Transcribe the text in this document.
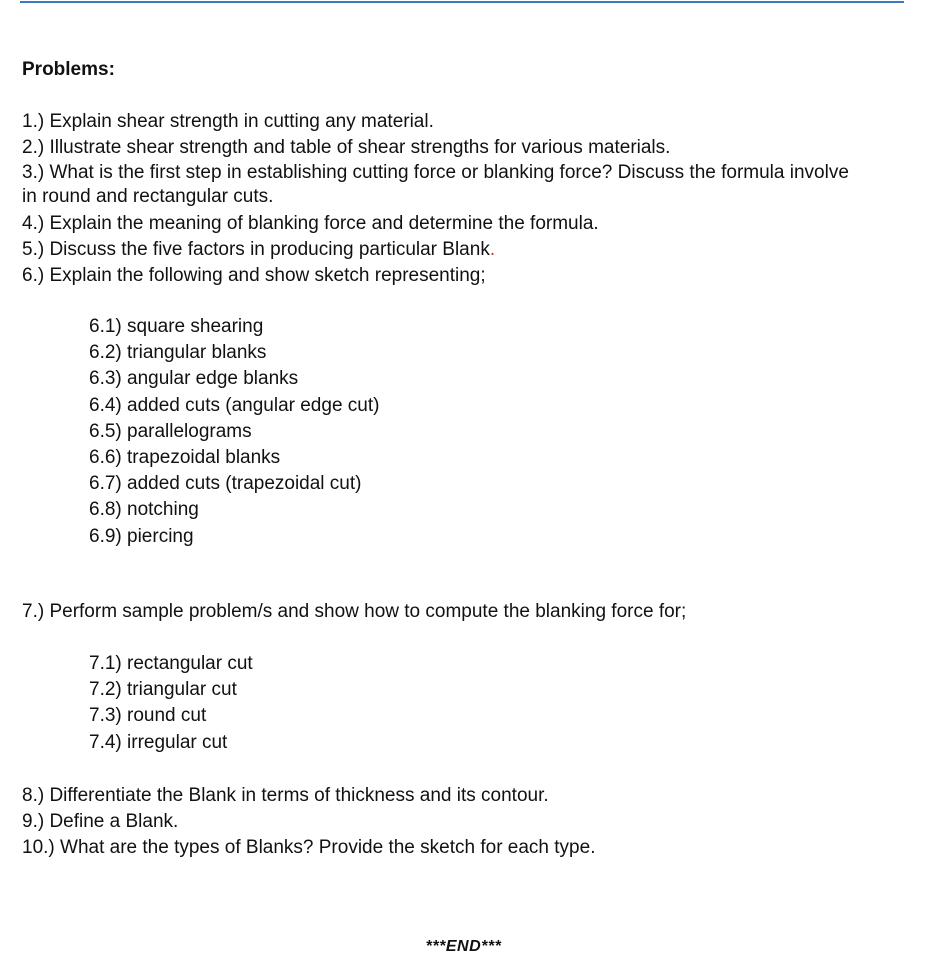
Problems:
1.) Explain shear strength in cutting any material.
2.) Illustrate shear strength and table of shear strengths for various materials.
3.) What is the first step in establishing cutting force or blanking force? Discuss the formula involve in round and rectangular cuts.
4.) Explain the meaning of blanking force and determine the formula.
5.) Discuss the five factors in producing particular Blank.
6.) Explain the following and show sketch representing;
6.1) square shearing
6.2) triangular blanks
6.3) angular edge blanks
6.4) added cuts (angular edge cut)
6.5) parallelograms
6.6) trapezoidal blanks
6.7) added cuts (trapezoidal cut)
6.8) notching
6.9) piercing

7.) Perform sample problem/s and show how to compute the blanking force for;

7.1) rectangular cut
7.2) triangular cut
7.3) round cut
7.4) irregular cut
8.) Differentiate the Blank in terms of thickness and its contour.
9.) Define a Blank.
10.) What are the types of Blanks? Provide the sketch for each type.
***END***
